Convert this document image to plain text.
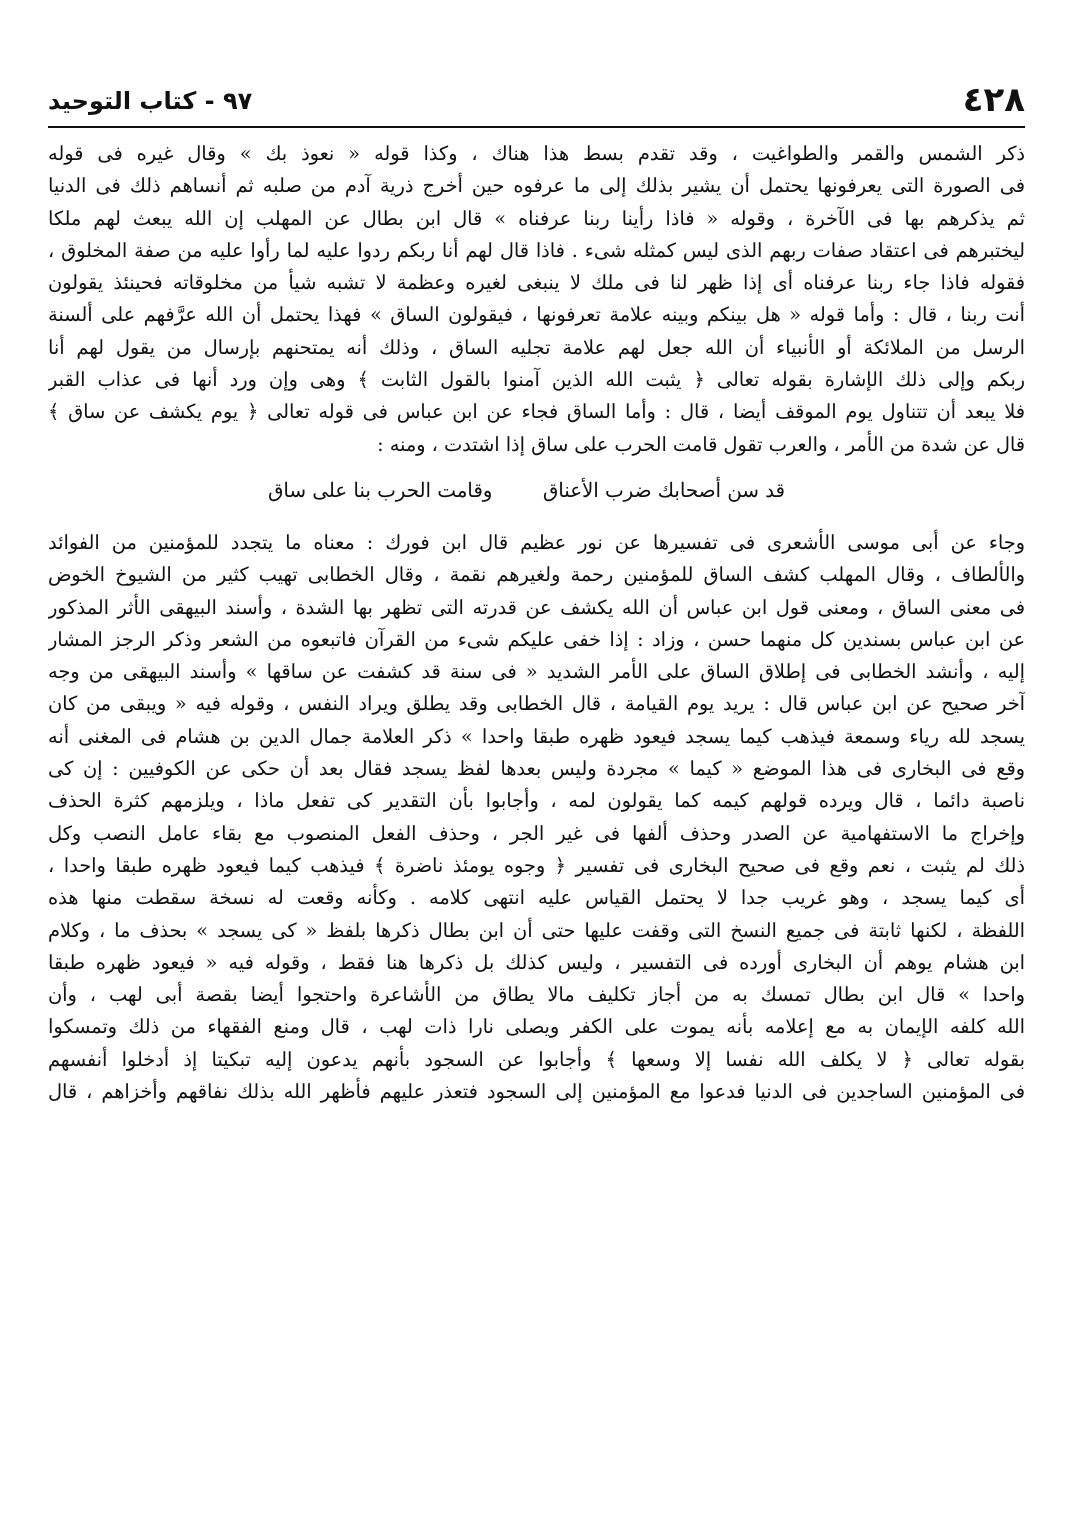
٤٢٨
٩٧ - كتاب التوحيد
ذكر الشمس والقمر والطواغيت ، وقد تقدم بسط هذا هناك ، وكذا قوله « نعوذ بك » وقال غيره فى قوله
فى الصورة التى يعرفونها يحتمل أن يشير بذلك إلى ما عرفوه حين أخرج ذرية آدم من صلبه ثم أنساهم ذلك فى الدنيا
ثم يذكرهم بها فى الآخرة ، وقوله « فاذا رأينا ربنا عرفناه » قال ابن بطال عن المهلب إن الله يبعث لهم ملكا
ليختبرهم فى اعتقاد صفات ربهم الذى ليس كمثله شىء . فاذا قال لهم أنا ربكم ردوا عليه لما رأوا عليه من صفة المخلوق ،
فقوله فاذا جاء ربنا عرفناه أى إذا ظهر لنا فى ملك لا ينبغى لغيره وعظمة لا تشبه شيأ من مخلوقاته فحينئذ يقولون
أنت ربنا ، قال : وأما قوله « هل بينكم وبينه علامة تعرفونها ، فيقولون الساق » فهذا يحتمل أن الله عرَّفهم على ألسنة
الرسل من الملائكة أو الأنبياء أن الله جعل لهم علامة تجليه الساق ، وذلك أنه يمتحنهم بإرسال من يقول لهم أنا
ربكم وإلى ذلك الإشارة بقوله تعالى ﴿ يثبت الله الذين آمنوا بالقول الثابت ﴾ وهى وإن ورد أنها فى عذاب القبر
فلا يبعد أن تتناول يوم الموقف أيضا ، قال : وأما الساق فجاء عن ابن عباس فى قوله تعالى ﴿ يوم يكشف عن ساق ﴾
قال عن شدة من الأمر ، والعرب تقول قامت الحرب على ساق إذا اشتدت ، ومنه :
قد سن أصحابك ضرب الأعناق
وقامت الحرب بنا على ساق
وجاء عن أبى موسى الأشعرى فى تفسيرها عن نور عظيم قال ابن فورك : معناه ما يتجدد للمؤمنين من الفوائد
والألطاف ، وقال المهلب كشف الساق للمؤمنين رحمة ولغيرهم نقمة ، وقال الخطابى تهيب كثير من الشيوخ الخوض
فى معنى الساق ، ومعنى قول ابن عباس أن الله يكشف عن قدرته التى تظهر بها الشدة ، وأسند البيهقى الأثر المذكور
عن ابن عباس بسندين كل منهما حسن ، وزاد : إذا خفى عليكم شىء من القرآن فاتبعوه من الشعر وذكر الرجز المشار
إليه ، وأنشد الخطابى فى إطلاق الساق على الأمر الشديد « فى سنة قد كشفت عن ساقها » وأسند البيهقى من وجه
آخر صحيح عن ابن عباس قال : يريد يوم القيامة ، قال الخطابى وقد يطلق ويراد النفس ، وقوله فيه « ويبقى من كان
يسجد لله رياء وسمعة فيذهب كيما يسجد فيعود ظهره طبقا واحدا » ذكر العلامة جمال الدين بن هشام فى المغنى أنه
وقع فى البخارى فى هذا الموضع « كيما » مجردة وليس بعدها لفظ يسجد فقال بعد أن حكى عن الكوفيين : إن كى
ناصبة دائما ، قال ويرده قولهم كيمه كما يقولون لمه ، وأجابوا بأن التقدير كى تفعل ماذا ، ويلزمهم كثرة الحذف
وإخراج ما الاستفهامية عن الصدر وحذف ألفها فى غير الجر ، وحذف الفعل المنصوب مع بقاء عامل النصب وكل
ذلك لم يثبت ، نعم وقع فى صحيح البخارى فى تفسير ﴿ وجوه يومئذ ناضرة ﴾ فيذهب كيما فيعود ظهره طبقا واحدا ،
أى كيما يسجد ، وهو غريب جدا لا يحتمل القياس عليه انتهى كلامه . وكأنه وقعت له نسخة سقطت منها هذه
اللفظة ، لكنها ثابتة فى جميع النسخ التى وقفت عليها حتى أن ابن بطال ذكرها بلفظ « كى يسجد » بحذف ما ، وكلام
ابن هشام يوهم أن البخارى أورده فى التفسير ، وليس كذلك بل ذكرها هنا فقط ، وقوله فيه « فيعود ظهره طبقا
واحدا » قال ابن بطال تمسك به من أجاز تكليف مالا يطاق من الأشاعرة واحتجوا أيضا بقصة أبى لهب ، وأن
الله كلفه الإيمان به مع إعلامه بأنه يموت على الكفر ويصلى نارا ذات لهب ، قال ومنع الفقهاء من ذلك وتمسكوا
بقوله تعالى ﴿ لا يكلف الله نفسا إلا وسعها ﴾ وأجابوا عن السجود بأنهم يدعون إليه تبكيتا إذ أدخلوا أنفسهم
فى المؤمنين الساجدين فى الدنيا فدعوا مع المؤمنين إلى السجود فتعذر عليهم فأظهر الله بذلك نفاقهم وأخزاهم ، قال
